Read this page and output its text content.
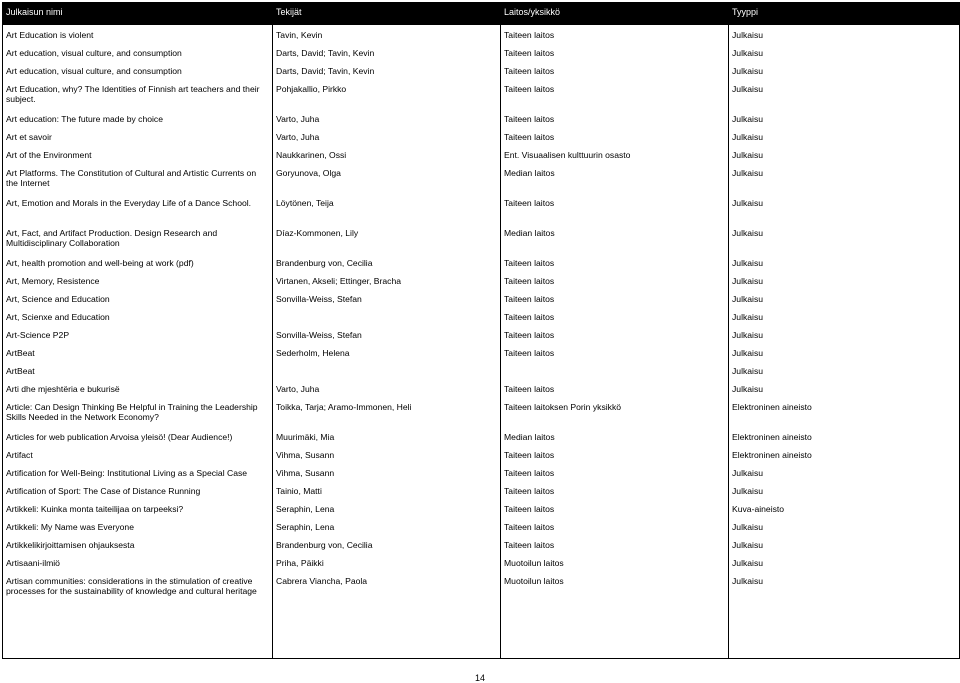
Julkaisun nimi	Tekijät	Laitos/yksikkö	Tyyppi
Art Education is violent	Tavin, Kevin	Taiteen laitos	Julkaisu
Art education, visual culture, and consumption	Darts, David; Tavin, Kevin	Taiteen laitos	Julkaisu
Art education, visual culture, and consumption	Darts, David; Tavin, Kevin	Taiteen laitos	Julkaisu
Art Education, why? The Identities of Finnish art teachers and their subject.	Pohjakallio, Pirkko	Taiteen laitos	Julkaisu
Art education: The future made by choice	Varto, Juha	Taiteen laitos	Julkaisu
Art et savoir	Varto, Juha	Taiteen laitos	Julkaisu
Art of the Environment	Naukkarinen, Ossi	Ent. Visuaalisen kulttuurin osasto	Julkaisu
Art Platforms. The Constitution of Cultural and Artistic Currents on the Internet	Goryunova, Olga	Median laitos	Julkaisu
Art, Emotion and Morals in the Everyday Life of a Dance School.	Löytönen, Teija	Taiteen laitos	Julkaisu
Art, Fact, and Artifact Production. Design Research and Multidisciplinary Collaboration	Díaz-Kommonen, Lily	Median laitos	Julkaisu
Art, health promotion and well-being at work (pdf)	Brandenburg von, Cecilia	Taiteen laitos	Julkaisu
Art, Memory, Resistence	Virtanen, Akseli; Ettinger, Bracha	Taiteen laitos	Julkaisu
Art, Science and Education	Sonvilla-Weiss, Stefan	Taiteen laitos	Julkaisu
Art, Scienxe and Education		Taiteen laitos	Julkaisu
Art-Science P2P	Sonvilla-Weiss, Stefan	Taiteen laitos	Julkaisu
ArtBeat	Sederholm, Helena	Taiteen laitos	Julkaisu
ArtBeat			Julkaisu
Arti dhe mjeshtëria e bukurisë	Varto, Juha	Taiteen laitos	Julkaisu
Article: Can Design Thinking Be Helpful in Training the Leadership Skills Needed in the Network Economy?	Toikka, Tarja; Aramo-Immonen, Heli	Taiteen laitoksen Porin yksikkö	Elektroninen aineisto
Articles for web publication Arvoisa yleisö! (Dear Audience!)	Muurimäki, Mia	Median laitos	Elektroninen aineisto
Artifact	Vihma, Susann	Taiteen laitos	Elektroninen aineisto
Artification for Well-Being: Institutional Living as a Special Case	Vihma, Susann	Taiteen laitos	Julkaisu
Artification of Sport: The Case of Distance Running	Tainio, Matti	Taiteen laitos	Julkaisu
Artikkeli: Kuinka monta taiteilijaa on tarpeeksi?	Seraphin, Lena	Taiteen laitos	Kuva-aineisto
Artikkeli: My Name was Everyone	Seraphin, Lena	Taiteen laitos	Julkaisu
Artikkelikirjoittamisen ohjauksesta	Brandenburg von, Cecilia	Taiteen laitos	Julkaisu
Artisaani-ilmiö	Priha, Päikki	Muotoilun laitos	Julkaisu
Artisan communities: considerations in the stimulation of creative processes for the sustainability of knowledge and cultural heritage	Cabrera Viancha, Paola	Muotoilun laitos	Julkaisu

14
